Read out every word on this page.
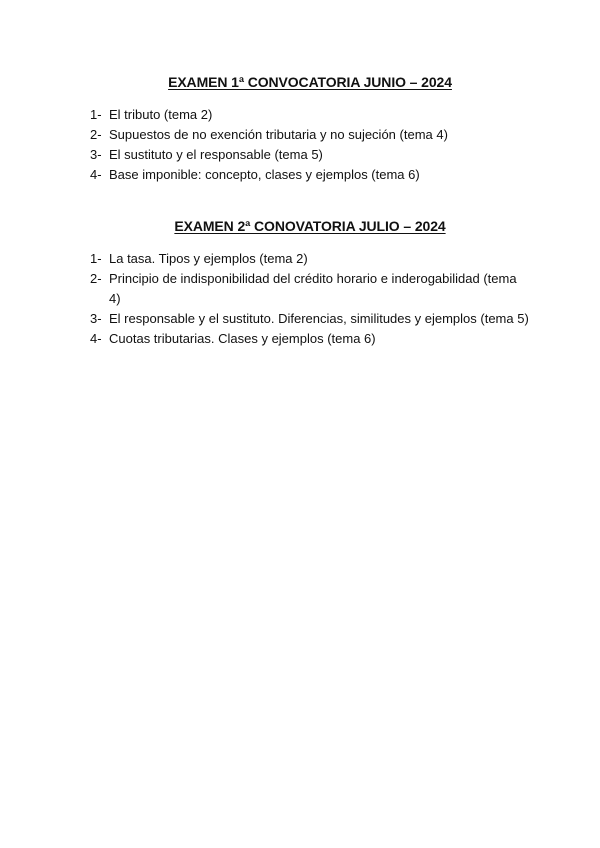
EXAMEN 1ª CONVOCATORIA JUNIO – 2024
1- El tributo (tema 2)
2- Supuestos de no exención tributaria y no sujeción (tema 4)
3- El sustituto y el responsable (tema 5)
4- Base imponible: concepto, clases y ejemplos (tema 6)
EXAMEN 2ª CONOVATORIA JULIO – 2024
1- La tasa. Tipos y ejemplos (tema 2)
2- Principio de indisponibilidad del crédito horario e inderogabilidad (tema 4)
3- El responsable y el sustituto. Diferencias, similitudes y ejemplos (tema 5)
4- Cuotas tributarias. Clases y ejemplos (tema 6)
